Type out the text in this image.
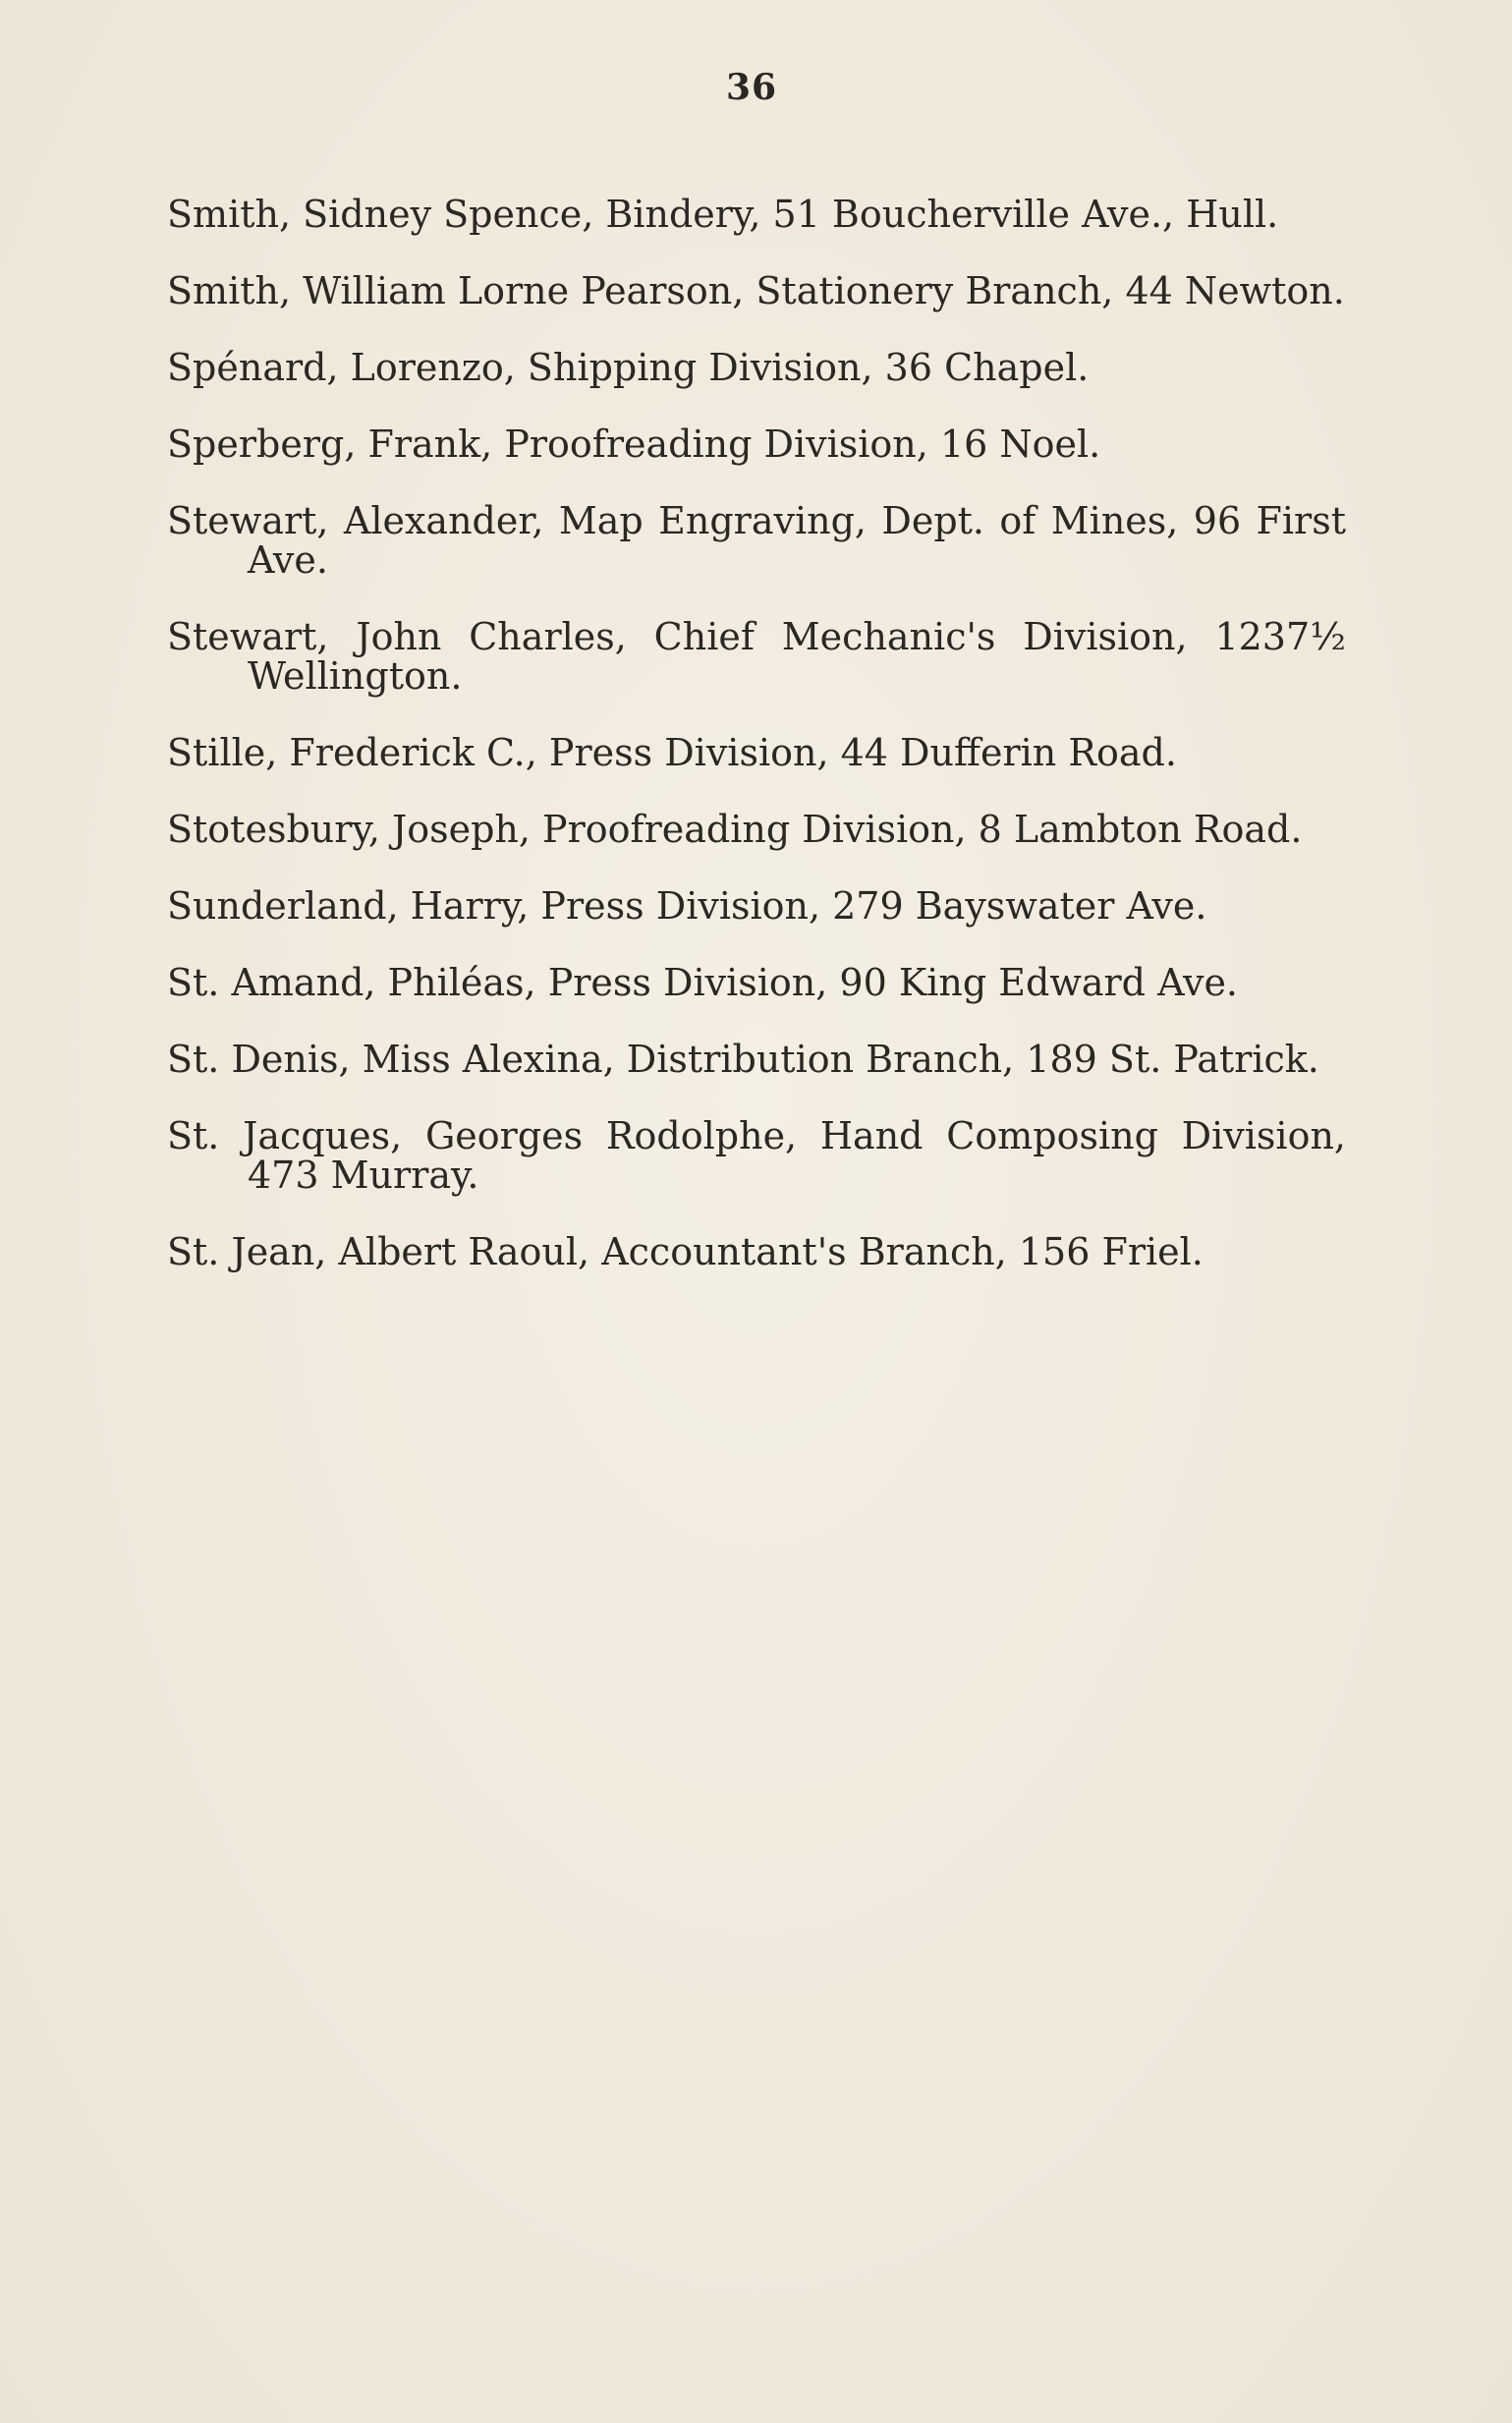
36

Smith, Sidney Spence, Bindery, 51 Boucherville Ave., Hull.

Smith, William Lorne Pearson, Stationery Branch, 44 Newton.

Spénard, Lorenzo, Shipping Division, 36 Chapel.

Sperberg, Frank, Proofreading Division, 16 Noel.

Stewart, Alexander, Map Engraving, Dept. of Mines, 96 First Ave.

Stewart, John Charles, Chief Mechanic's Division, 1237½ Wellington.

Stille, Frederick C., Press Division, 44 Dufferin Road.

Stotesbury, Joseph, Proofreading Division, 8 Lambton Road.

Sunderland, Harry, Press Division, 279 Bayswater Ave.

St. Amand, Philéas, Press Division, 90 King Edward Ave.

St. Denis, Miss Alexina, Distribution Branch, 189 St. Patrick.

St. Jacques, Georges Rodolphe, Hand Composing Division, 473 Murray.

St. Jean, Albert Raoul, Accountant's Branch, 156 Friel.
